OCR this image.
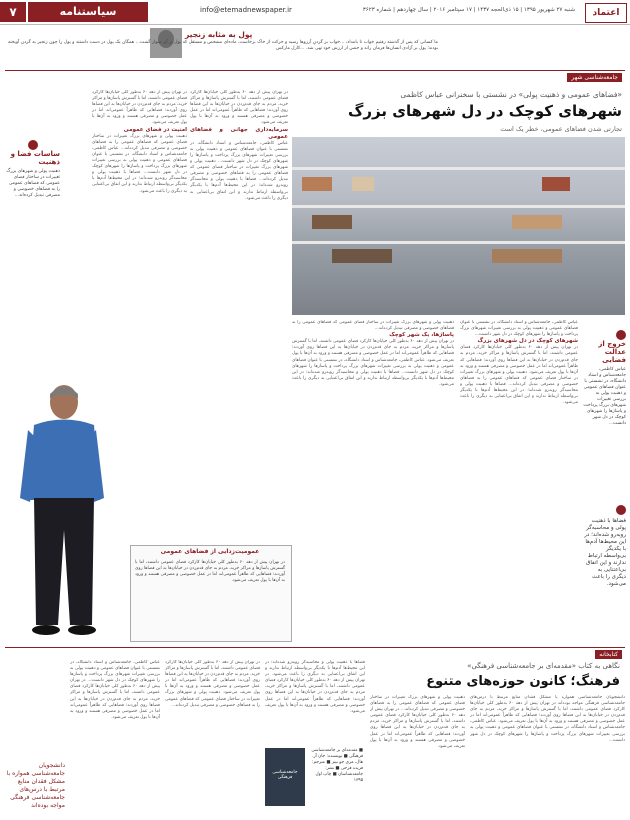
۷	سیاستنامه	info@etemadnewspaper.ir	شنبه ۲۷ شهریور ۱۳۹۵ | ۱۵ ذی‌الحجه ۱۴۳۷ | ۱۷ سپتامبر ۲۰۱۶ | سال چهاردهم | شماره ۳۶۲۳	اعتماد
پول به مثابه زنجیر
ما کسانی که پس از گذشته رفتیم خواب تا بامداد، ...خواب بر گردنِ آرزوها رسید و حرکت از خاک برخاست، ماده‌ای مشخص و مستقل که پول بر آن سوار گشت... همگان یک پول در دست داشتند و پول را چون زنجیر به گردن آویخته بودند؛ پول بر آزادی انسان‌ها فرمان راند و جنس از ارزش خود تهی شد. ...کارل مارکس
جامعه‌شناسی شهر
«فضاهای عمومی و ذهنیت پولی» در نشستی با سخنرانی عباس کاظمی
شهرهای کوچک در دل شهرهای بزرگ
تجارتی شدن فضاهای عمومی، خطر یک است
در تهران پیش از دهه ۶۰ به‌طور کلی خیابان‌ها کارکرد فضای عمومی داشتند، اما با گسترش پاساژها و مراکز خرید، مردم به جای قدم‌زدن در خیابان‌ها به این فضاها روی آوردند؛ فضاهایی که ظاهراً عمومی‌اند اما در عمل خصوصی و مصرفی هستند و ورود به آن‌ها با پول تعریف می‌شود.
سرمایه‌داری جهانی و فضاهای عمومی
عباس کاظمی، جامعه‌شناس و استاد دانشگاه، در نشستی با عنوان فضاهای عمومی و ذهنیت پولی به بررسی تغییرات شهرهای بزرگ پرداخت و پاساژها را شهرهای کوچک در دل شهر دانست... ذهنیت پولی و شهرهای بزرگ تغییرات در ساختار فضای عمومی که فضاهای عمومی را به فضاهای خصوصی و مصرفی تبدیل کرده‌اند... فضاها با ذهنیت پولی و محاسبه‌گر روبه‌رو شده‌اند؛ در این محیط‌ها آدم‌ها با یکدیگر بی‌واسطه ارتباط ندارند و این اتفاق بی‌اعتنایی به دیگری را باعث می‌شود.
در تهران پیش از دهه ۶۰ به‌طور کلی خیابان‌ها کارکرد فضای عمومی داشتند، اما با گسترش پاساژها و مراکز خرید، مردم به جای قدم‌زدن در خیابان‌ها به این فضاها روی آوردند؛ فضاهایی که ظاهراً عمومی‌اند اما در عمل خصوصی و مصرفی هستند و ورود به آن‌ها با پول تعریف می‌شود.
امنیت در فضای عمومی
ذهنیت پولی و شهرهای بزرگ تغییرات در ساختار فضای عمومی که فضاهای عمومی را به فضاهای خصوصی و مصرفی تبدیل کرده‌اند... عباس کاظمی، جامعه‌شناس و استاد دانشگاه، در نشستی با عنوان فضاهای عمومی و ذهنیت پولی به بررسی تغییرات شهرهای بزرگ پرداخت و پاساژها را شهرهای کوچک در دل شهر دانست... فضاها با ذهنیت پولی و محاسبه‌گر روبه‌رو شده‌اند؛ در این محیط‌ها آدم‌ها با یکدیگر بی‌واسطه ارتباط ندارند و این اتفاق بی‌اعتنایی به دیگری را باعث می‌شود.
عباس کاظمی، جامعه‌شناس و استاد دانشگاه، در نشستی با عنوان فضاهای عمومی و ذهنیت پولی به بررسی تغییرات شهرهای بزرگ پرداخت و پاساژها را شهرهای کوچک در دل شهر دانست...
شهرهای کوچک در دل شهرهای بزرگ
در تهران پیش از دهه ۶۰ به‌طور کلی خیابان‌ها کارکرد فضای عمومی داشتند، اما با گسترش پاساژها و مراکز خرید، مردم به جای قدم‌زدن در خیابان‌ها به این فضاها روی آوردند؛ فضاهایی که ظاهراً عمومی‌اند اما در عمل خصوصی و مصرفی هستند و ورود به آن‌ها با پول تعریف می‌شود. ذهنیت پولی و شهرهای بزرگ تغییرات در ساختار فضای عمومی که فضاهای عمومی را به فضاهای خصوصی و مصرفی تبدیل کرده‌اند... فضاها با ذهنیت پولی و محاسبه‌گر روبه‌رو شده‌اند؛ در این محیط‌ها آدم‌ها با یکدیگر بی‌واسطه ارتباط ندارند و این اتفاق بی‌اعتنایی به دیگری را باعث می‌شود.
ذهنیت پولی و شهرهای بزرگ تغییرات در ساختار فضای عمومی که فضاهای عمومی را به فضاهای خصوصی و مصرفی تبدیل کرده‌اند...
پاساژها، یک شهر کوچک
در تهران پیش از دهه ۶۰ به‌طور کلی خیابان‌ها کارکرد فضای عمومی داشتند، اما با گسترش پاساژها و مراکز خرید، مردم به جای قدم‌زدن در خیابان‌ها به این فضاها روی آوردند؛ فضاهایی که ظاهراً عمومی‌اند اما در عمل خصوصی و مصرفی هستند و ورود به آن‌ها با پول تعریف می‌شود. عباس کاظمی، جامعه‌شناس و استاد دانشگاه، در نشستی با عنوان فضاهای عمومی و ذهنیت پولی به بررسی تغییرات شهرهای بزرگ پرداخت و پاساژها را شهرهای کوچک در دل شهر دانست... فضاها با ذهنیت پولی و محاسبه‌گر روبه‌رو شده‌اند؛ در این محیط‌ها آدم‌ها با یکدیگر بی‌واسطه ارتباط ندارند و این اتفاق بی‌اعتنایی به دیگری را باعث می‌شود.
خروج از عدالت فضایی
عباس کاظمی، جامعه‌شناس و استاد دانشگاه، در نشستی با عنوان فضاهای عمومی و ذهنیت پولی به بررسی تغییرات شهرهای بزرگ پرداخت و پاساژها را شهرهای کوچک در دل شهر دانست...
فضاها با ذهنیت پولی و محاسبه‌گر روبه‌رو شده‌اند؛ در این محیط‌ها آدم‌ها با یکدیگر بی‌واسطه ارتباط ندارند و این اتفاق بی‌اعتنایی به دیگری را باعث می‌شود.
ساسات فضا و ذهنیت
ذهنیت پولی و شهرهای بزرگ تغییرات در ساختار فضای عمومی که فضاهای عمومی را به فضاهای خصوصی و مصرفی تبدیل کرده‌اند...
عمومیت‌زدایی از فضاهای عمومی
در تهران پیش از دهه ۶۰ به‌طور کلی خیابان‌ها کارکرد فضای عمومی داشتند، اما با گسترش پاساژها و مراکز خرید، مردم به جای قدم‌زدن در خیابان‌ها به این فضاها روی آوردند؛ فضاهایی که ظاهراً عمومی‌اند اما در عمل خصوصی و مصرفی هستند و ورود به آن‌ها با پول تعریف می‌شود.
کتابخانه
نگاهی به کتاب «مقدمه‌ای بر جامعه‌شناسی فرهنگی»
فرهنگ؛ کانون حوزه‌های متنوع
دانشجویان جامعه‌شناسی همواره با مشکل فقدان منابع مرتبط با درس‌های جامعه‌شناسی فرهنگی مواجه بوده‌اند در تهران پیش از دهه ۶۰ به‌طور کلی خیابان‌ها کارکرد فضای عمومی داشتند، اما با گسترش پاساژها و مراکز خرید، مردم به جای قدم‌زدن در خیابان‌ها به این فضاها روی آوردند؛ فضاهایی که ظاهراً عمومی‌اند اما در عمل خصوصی و مصرفی هستند و ورود به آن‌ها با پول تعریف می‌شود. عباس کاظمی، جامعه‌شناس و استاد دانشگاه، در نشستی با عنوان فضاهای عمومی و ذهنیت پولی به بررسی تغییرات شهرهای بزرگ پرداخت و پاساژها را شهرهای کوچک در دل شهر دانست...
ذهنیت پولی و شهرهای بزرگ تغییرات در ساختار فضای عمومی که فضاهای عمومی را به فضاهای خصوصی و مصرفی تبدیل کرده‌اند... در تهران پیش از دهه ۶۰ به‌طور کلی خیابان‌ها کارکرد فضای عمومی داشتند، اما با گسترش پاساژها و مراکز خرید، مردم به جای قدم‌زدن در خیابان‌ها به این فضاها روی آوردند؛ فضاهایی که ظاهراً عمومی‌اند اما در عمل خصوصی و مصرفی هستند و ورود به آن‌ها با پول تعریف می‌شود.
فضاها با ذهنیت پولی و محاسبه‌گر روبه‌رو شده‌اند؛ در این محیط‌ها آدم‌ها با یکدیگر بی‌واسطه ارتباط ندارند و این اتفاق بی‌اعتنایی به دیگری را باعث می‌شود. در تهران پیش از دهه ۶۰ به‌طور کلی خیابان‌ها کارکرد فضای عمومی داشتند، اما با گسترش پاساژها و مراکز خرید، مردم به جای قدم‌زدن در خیابان‌ها به این فضاها روی آوردند؛ فضاهایی که ظاهراً عمومی‌اند اما در عمل خصوصی و مصرفی هستند و ورود به آن‌ها با پول تعریف می‌شود.
در تهران پیش از دهه ۶۰ به‌طور کلی خیابان‌ها کارکرد فضای عمومی داشتند، اما با گسترش پاساژها و مراکز خرید، مردم به جای قدم‌زدن در خیابان‌ها به این فضاها روی آوردند؛ فضاهایی که ظاهراً عمومی‌اند اما در عمل خصوصی و مصرفی هستند و ورود به آن‌ها با پول تعریف می‌شود. ذهنیت پولی و شهرهای بزرگ تغییرات در ساختار فضای عمومی که فضاهای عمومی را به فضاهای خصوصی و مصرفی تبدیل کرده‌اند...
عباس کاظمی، جامعه‌شناس و استاد دانشگاه، در نشستی با عنوان فضاهای عمومی و ذهنیت پولی به بررسی تغییرات شهرهای بزرگ پرداخت و پاساژها را شهرهای کوچک در دل شهر دانست... در تهران پیش از دهه ۶۰ به‌طور کلی خیابان‌ها کارکرد فضای عمومی داشتند، اما با گسترش پاساژها و مراکز خرید، مردم به جای قدم‌زدن در خیابان‌ها به این فضاها روی آوردند؛ فضاهایی که ظاهراً عمومی‌اند اما در عمل خصوصی و مصرفی هستند و ورود به آن‌ها با پول تعریف می‌شود.
جامعه‌شناسی فرهنگی
■ مقدمه‌ای بر جامعه‌شناسی فرهنگی ■ نویسنده: جان آر. هال، مری جو نیتز ■ مترجم: فریده فرحی ■ نشر: جامعه‌شناسان ■ چاپ اول ۱۳۹۵
دانشجویان جامعه‌شناسی همواره با مشکل فقدان منابع مرتبط با درس‌های جامعه‌شناسی فرهنگی مواجه بوده‌اند
